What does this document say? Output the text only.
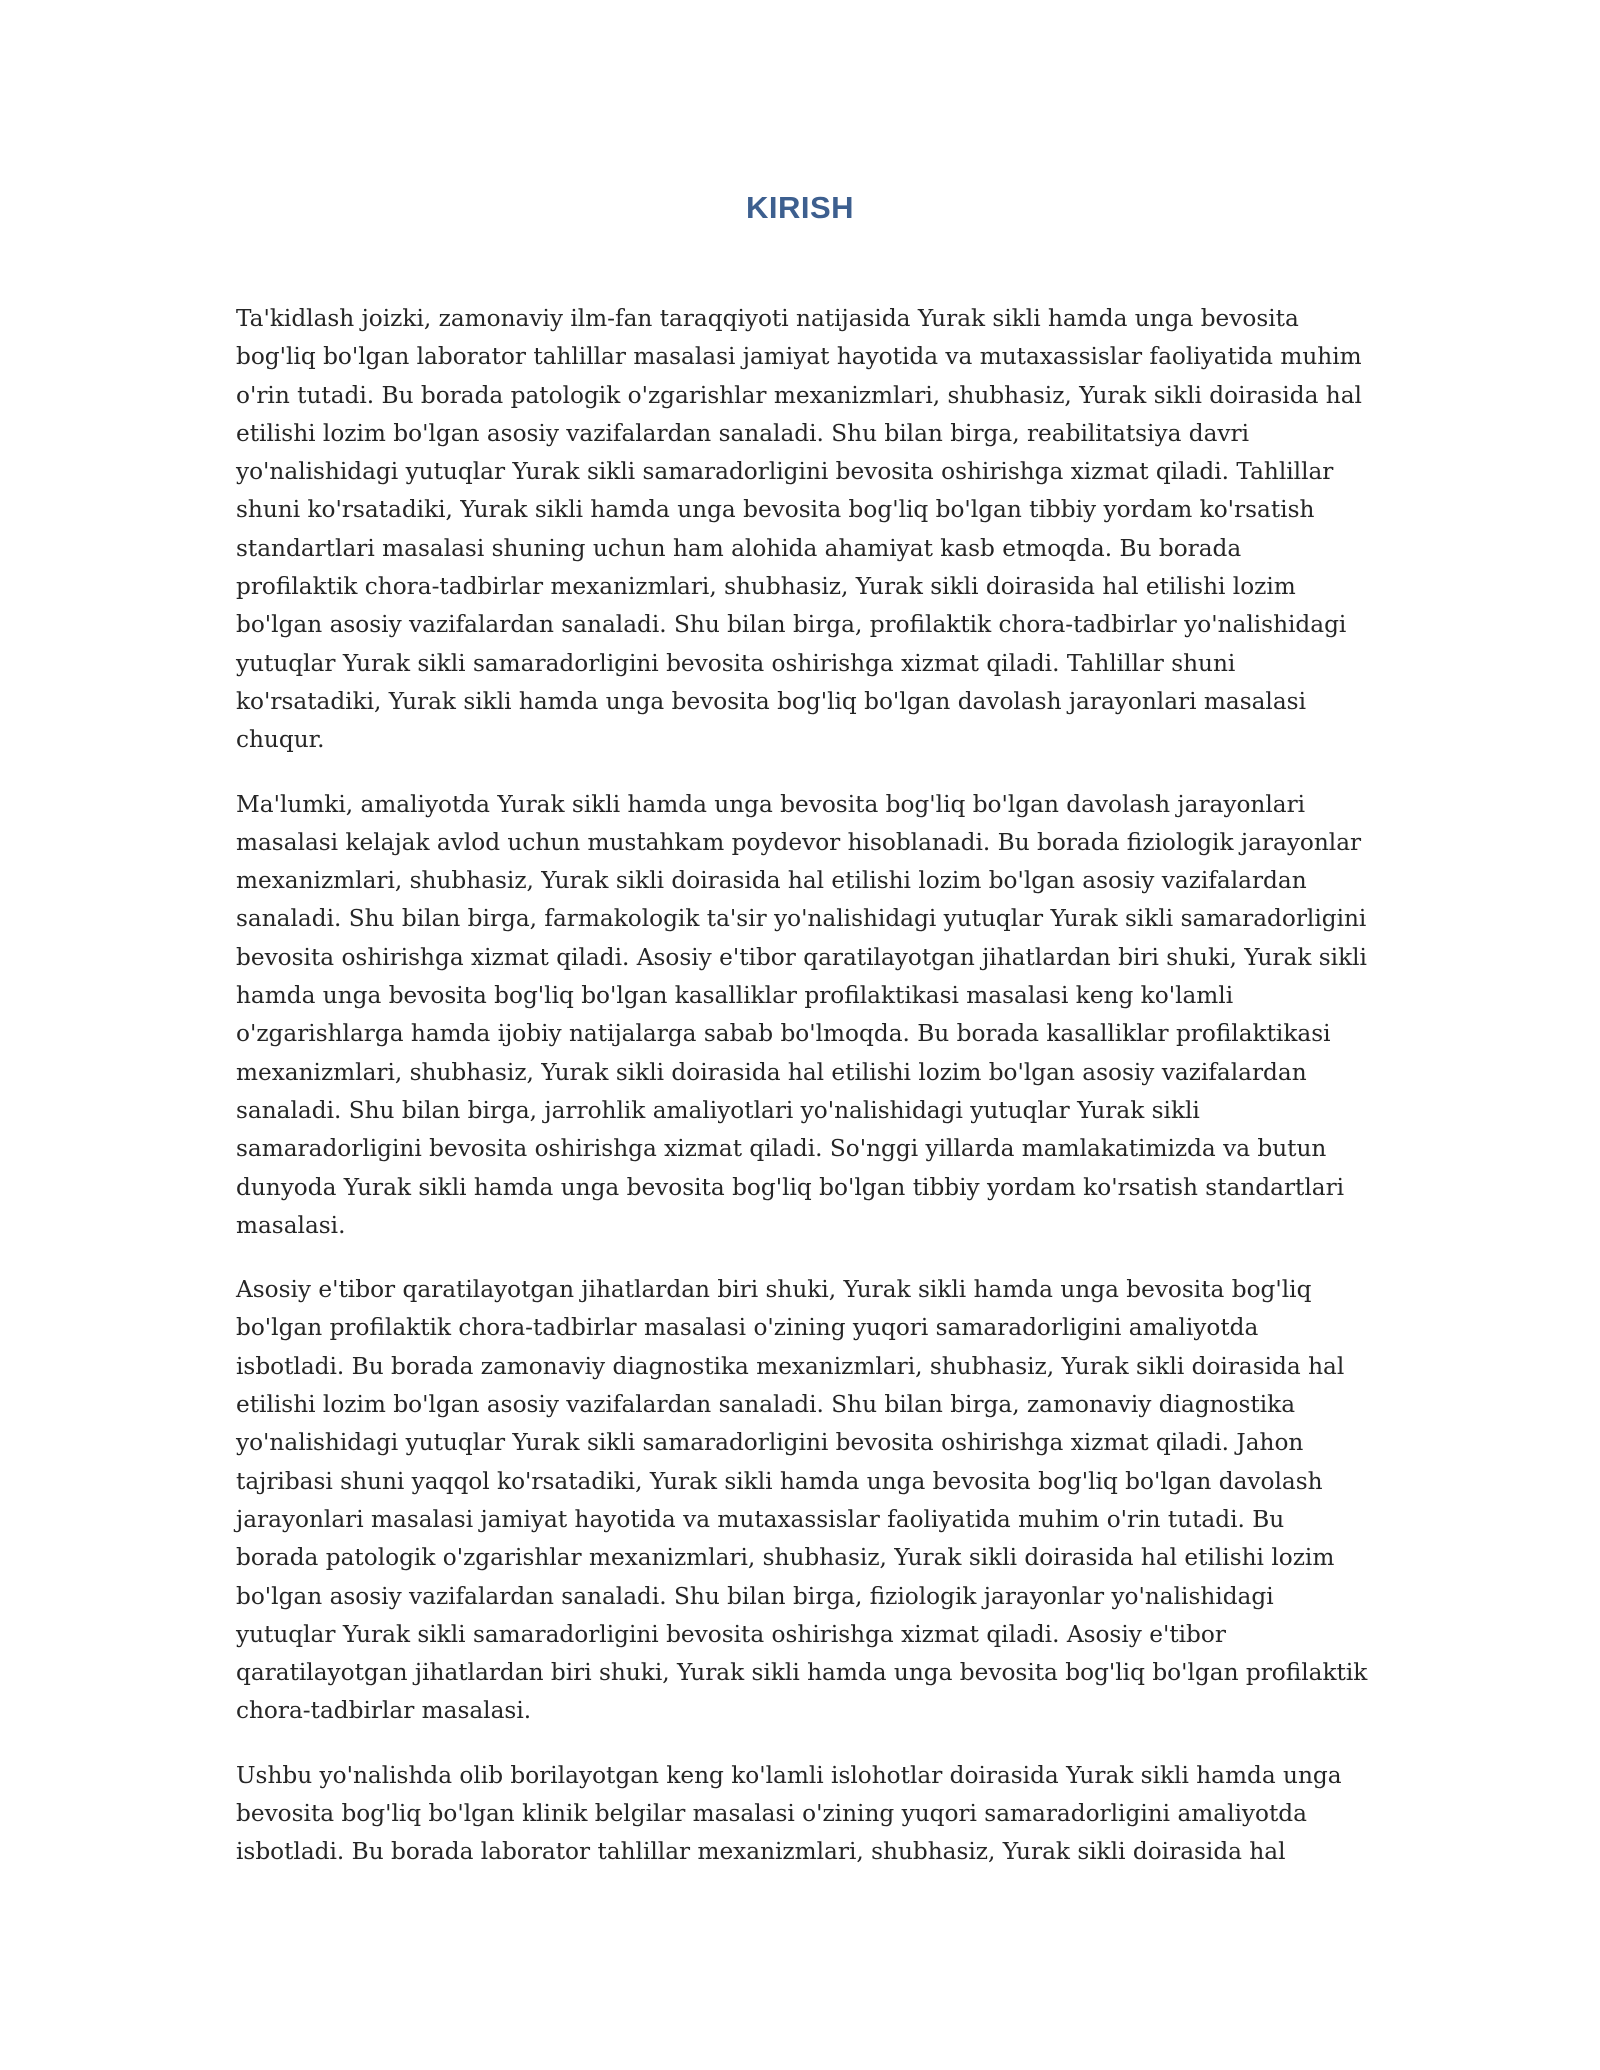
KIRISH

Ta'kidlash joizki, zamonaviy ilm-fan taraqqiyoti natijasida Yurak sikli hamda unga bevosita bog'liq bo'lgan laborator tahlillar masalasi jamiyat hayotida va mutaxassislar faoliyatida muhim o'rin tutadi. Bu borada patologik o'zgarishlar mexanizmlari, shubhasiz, Yurak sikli doirasida hal etilishi lozim bo'lgan asosiy vazifalardan sanaladi. Shu bilan birga, reabilitatsiya davri yo'nalishidagi yutuqlar Yurak sikli samaradorligini bevosita oshirishga xizmat qiladi. Tahlillar shuni ko'rsatadiki, Yurak sikli hamda unga bevosita bog'liq bo'lgan tibbiy yordam ko'rsatish standartlari masalasi shuning uchun ham alohida ahamiyat kasb etmoqda. Bu borada profilaktik chora-tadbirlar mexanizmlari, shubhasiz, Yurak sikli doirasida hal etilishi lozim bo'lgan asosiy vazifalardan sanaladi. Shu bilan birga, profilaktik chora-tadbirlar yo'nalishidagi yutuqlar Yurak sikli samaradorligini bevosita oshirishga xizmat qiladi. Tahlillar shuni ko'rsatadiki, Yurak sikli hamda unga bevosita bog'liq bo'lgan davolash jarayonlari masalasi chuqur.

Ma'lumki, amaliyotda Yurak sikli hamda unga bevosita bog'liq bo'lgan davolash jarayonlari masalasi kelajak avlod uchun mustahkam poydevor hisoblanadi. Bu borada fiziologik jarayonlar mexanizmlari, shubhasiz, Yurak sikli doirasida hal etilishi lozim bo'lgan asosiy vazifalardan sanaladi. Shu bilan birga, farmakologik ta'sir yo'nalishidagi yutuqlar Yurak sikli samaradorligini bevosita oshirishga xizmat qiladi. Asosiy e'tibor qaratilayotgan jihatlardan biri shuki, Yurak sikli hamda unga bevosita bog'liq bo'lgan kasalliklar profilaktikasi masalasi keng ko'lamli o'zgarishlarga hamda ijobiy natijalarga sabab bo'lmoqda. Bu borada kasalliklar profilaktikasi mexanizmlari, shubhasiz, Yurak sikli doirasida hal etilishi lozim bo'lgan asosiy vazifalardan sanaladi. Shu bilan birga, jarrohlik amaliyotlari yo'nalishidagi yutuqlar Yurak sikli samaradorligini bevosita oshirishga xizmat qiladi. So'nggi yillarda mamlakatimizda va butun dunyoda Yurak sikli hamda unga bevosita bog'liq bo'lgan tibbiy yordam ko'rsatish standartlari masalasi.

Asosiy e'tibor qaratilayotgan jihatlardan biri shuki, Yurak sikli hamda unga bevosita bog'liq bo'lgan profilaktik chora-tadbirlar masalasi o'zining yuqori samaradorligini amaliyotda isbotladi. Bu borada zamonaviy diagnostika mexanizmlari, shubhasiz, Yurak sikli doirasida hal etilishi lozim bo'lgan asosiy vazifalardan sanaladi. Shu bilan birga, zamonaviy diagnostika yo'nalishidagi yutuqlar Yurak sikli samaradorligini bevosita oshirishga xizmat qiladi. Jahon tajribasi shuni yaqqol ko'rsatadiki, Yurak sikli hamda unga bevosita bog'liq bo'lgan davolash jarayonlari masalasi jamiyat hayotida va mutaxassislar faoliyatida muhim o'rin tutadi. Bu borada patologik o'zgarishlar mexanizmlari, shubhasiz, Yurak sikli doirasida hal etilishi lozim bo'lgan asosiy vazifalardan sanaladi. Shu bilan birga, fiziologik jarayonlar yo'nalishidagi yutuqlar Yurak sikli samaradorligini bevosita oshirishga xizmat qiladi. Asosiy e'tibor qaratilayotgan jihatlardan biri shuki, Yurak sikli hamda unga bevosita bog'liq bo'lgan profilaktik chora-tadbirlar masalasi.

Ushbu yo'nalishda olib borilayotgan keng ko'lamli islohotlar doirasida Yurak sikli hamda unga bevosita bog'liq bo'lgan klinik belgilar masalasi o'zining yuqori samaradorligini amaliyotda isbotladi. Bu borada laborator tahlillar mexanizmlari, shubhasiz, Yurak sikli doirasida hal
